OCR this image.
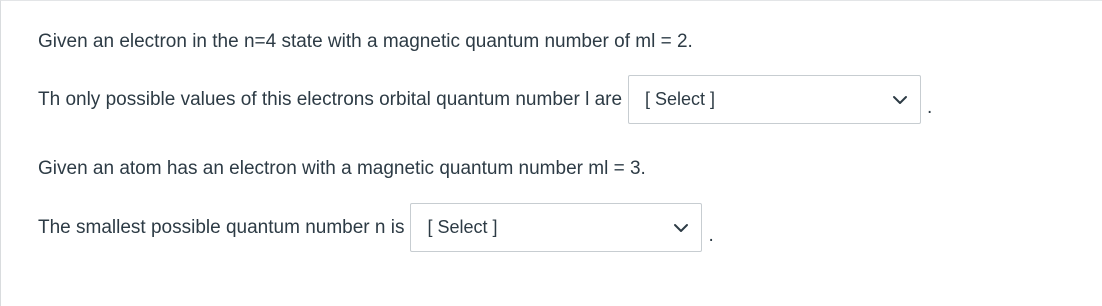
Given an electron in the n=4 state with a magnetic quantum number of ml = 2.
Th only possible values of this electrons orbital quantum number l are [ Select ]	.
Given an atom has an electron with a magnetic quantum number ml = 3.
The smallest possible quantum number n is [ Select ]	.
